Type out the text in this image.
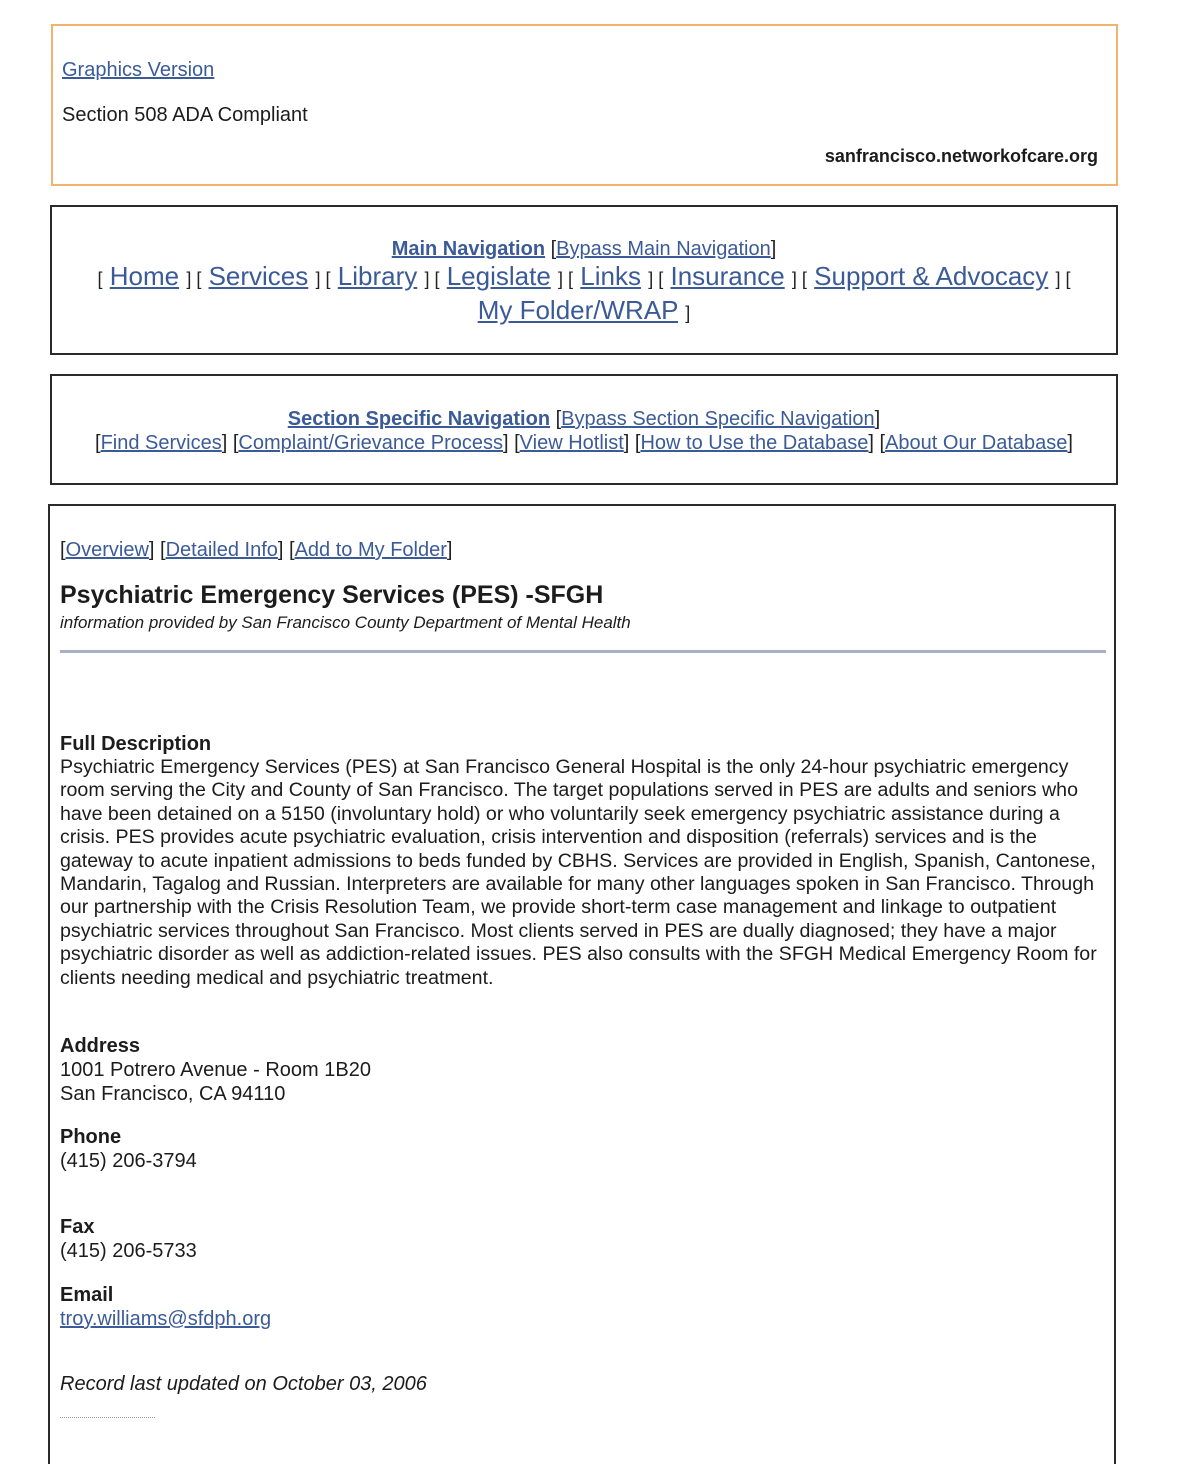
Graphics Version
Section 508 ADA Compliant
sanfrancisco.networkofcare.org
Main Navigation [Bypass Main Navigation]
[ Home ] [ Services ] [ Library ] [ Legislate ] [ Links ] [ Insurance ] [ Support & Advocacy ] [
My Folder/WRAP ]
Section Specific Navigation [Bypass Section Specific Navigation]
[Find Services] [Complaint/Grievance Process] [View Hotlist] [How to Use the Database] [About Our Database]
[Overview] [Detailed Info] [Add to My Folder]
Psychiatric Emergency Services (PES) -SFGH
information provided by San Francisco County Department of Mental Health
Full Description
Psychiatric Emergency Services (PES) at San Francisco General Hospital is the only 24-hour psychiatric emergency room serving the City and County of San Francisco. The target populations served in PES are adults and seniors who have been detained on a 5150 (involuntary hold) or who voluntarily seek emergency psychiatric assistance during a crisis. PES provides acute psychiatric evaluation, crisis intervention and disposition (referrals) services and is the gateway to acute inpatient admissions to beds funded by CBHS. Services are provided in English, Spanish, Cantonese, Mandarin, Tagalog and Russian. Interpreters are available for many other languages spoken in San Francisco. Through our partnership with the Crisis Resolution Team, we provide short-term case management and linkage to outpatient psychiatric services throughout San Francisco. Most clients served in PES are dually diagnosed; they have a major psychiatric disorder as well as addiction-related issues. PES also consults with the SFGH Medical Emergency Room for clients needing medical and psychiatric treatment.
Address
1001 Potrero Avenue - Room 1B20
San Francisco, CA 94110
Phone
(415) 206-3794
Fax
(415) 206-5733
Email
troy.williams@sfdph.org
Record last updated on October 03, 2006
